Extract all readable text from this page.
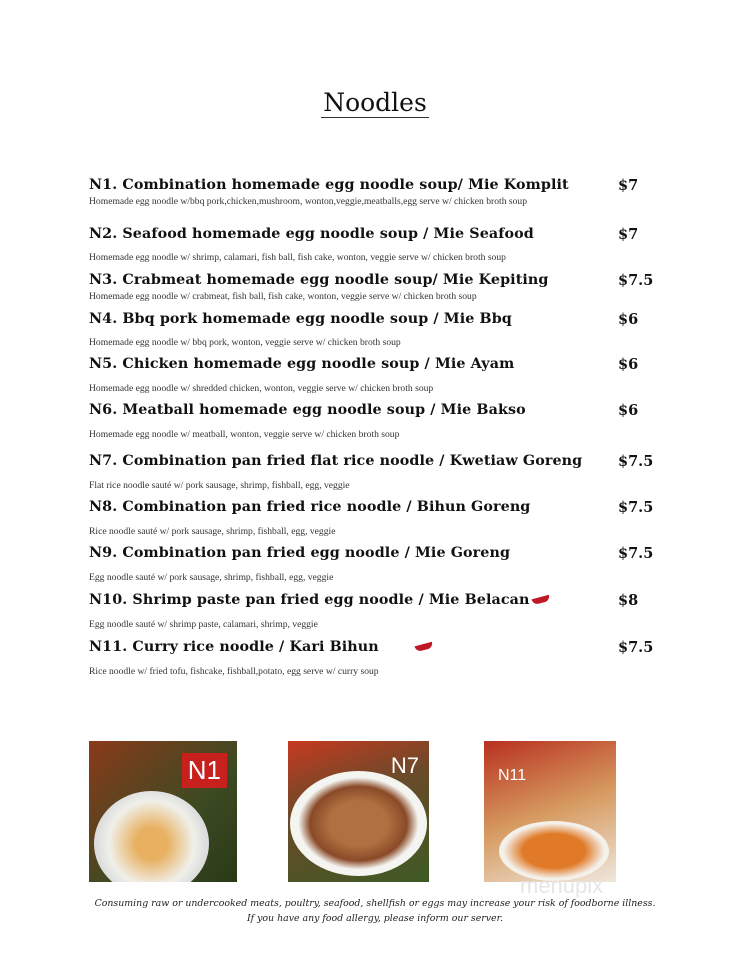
Noodles
N1. Combination homemade egg noodle soup/ Mie Komplit	$7
Homemade egg noodle w/bbq pork,chicken,mushroom, wonton,veggie,meatballs,egg serve w/ chicken broth soup
N2. Seafood homemade egg noodle soup / Mie Seafood	$7
Homemade egg noodle w/ shrimp, calamari, fish ball, fish cake, wonton, veggie serve w/ chicken broth soup
N3. Crabmeat homemade egg noodle soup/ Mie Kepiting	$7.5
Homemade egg noodle w/ crabmeat, fish ball, fish cake, wonton, veggie serve w/ chicken broth soup
N4. Bbq pork homemade egg noodle soup / Mie Bbq	$6
Homemade egg noodle w/ bbq pork, wonton, veggie serve w/ chicken broth soup
N5. Chicken homemade egg noodle soup / Mie Ayam	$6
Homemade egg noodle w/ shredded chicken, wonton, veggie serve w/ chicken broth soup
N6. Meatball homemade egg noodle soup / Mie Bakso	$6
Homemade egg noodle w/ meatball, wonton, veggie serve w/ chicken broth soup
N7. Combination pan fried flat rice noodle / Kwetiaw Goreng $7.5
Flat rice noodle sauté w/ pork sausage, shrimp, fishball, egg, veggie
N8. Combination pan fried rice noodle / Bihun Goreng	$7.5
Rice noodle sauté w/ pork sausage, shrimp, fishball, egg, veggie
N9. Combination pan fried egg noodle / Mie Goreng	$7.5
Egg noodle sauté w/ pork sausage, shrimp, fishball, egg, veggie
N10. Shrimp paste pan fried egg noodle / Mie Belacan	$8
Egg noodle sauté w/ shrimp paste, calamari, shrimp, veggie
N11. Curry rice noodle / Kari Bihun	$7.5
Rice noodle w/ fried tofu, fishcake, fishball,potato, egg serve w/ curry soup
N1	N7	N11
menupix
Consuming raw or undercooked meats, poultry, seafood, shellfish or eggs may increase your risk of foodborne illness.
If you have any food allergy, please inform our server.
